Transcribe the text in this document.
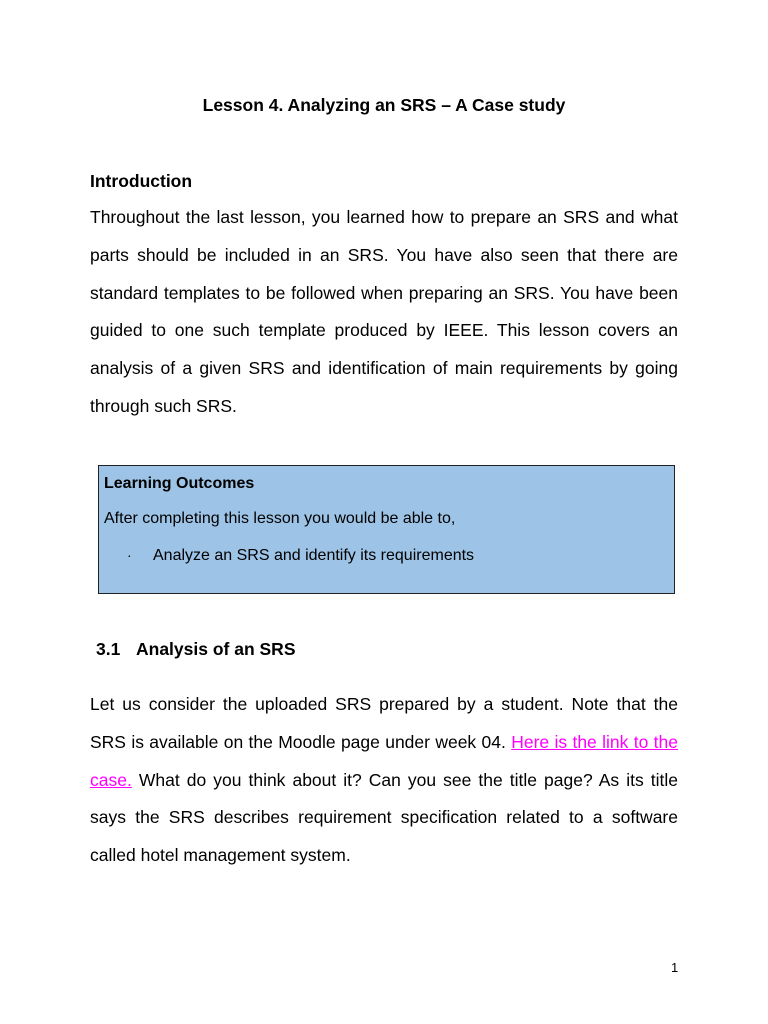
Lesson 4. Analyzing an SRS – A Case study
Introduction

Throughout the last lesson, you learned how to prepare an SRS and what parts should be included in an SRS. You have also seen that there are standard templates to be followed when preparing an SRS. You have been guided to one such template produced by IEEE. This lesson covers an analysis of a given SRS and identification of main requirements by going through such SRS.

Learning Outcomes
After completing this lesson you would be able to,
· Analyze an SRS and identify its requirements
3.1 Analysis of an SRS

Let us consider the uploaded SRS prepared by a student. Note that the SRS is available on the Moodle page under week 04. Here is the link to the case. What do you think about it? Can you see the title page? As its title says the SRS describes requirement specification related to a software called hotel management system.

1
